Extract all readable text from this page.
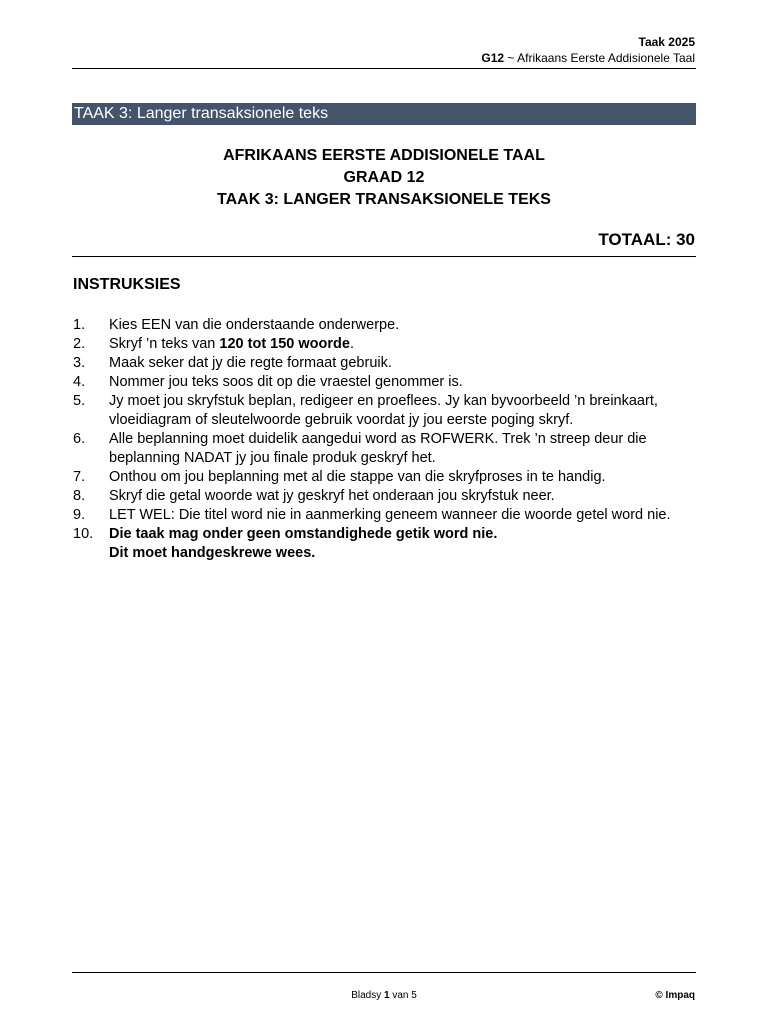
Taak 2025
G12 ~ Afrikaans Eerste Addisionele Taal
TAAK 3: Langer transaksionele teks
AFRIKAANS EERSTE ADDISIONELE TAAL
GRAAD 12
TAAK 3: LANGER TRANSAKSIONELE TEKS
TOTAAL: 30
INSTRUKSIES
1. Kies EEN van die onderstaande onderwerpe.
2. Skryf ’n teks van 120 tot 150 woorde.
3. Maak seker dat jy die regte formaat gebruik.
4. Nommer jou teks soos dit op die vraestel genommer is.
5. Jy moet jou skryfstuk beplan, redigeer en proeflees. Jy kan byvoorbeeld ’n breinkaart,
vloeidiagram of sleutelwoorde gebruik voordat jy jou eerste poging skryf.
6. Alle beplanning moet duidelik aangedui word as ROFWERK. Trek ’n streep deur die
beplanning NADAT jy jou finale produk geskryf het.
7. Onthou om jou beplanning met al die stappe van die skryfproses in te handig.
8. Skryf die getal woorde wat jy geskryf het onderaan jou skryfstuk neer.
9. LET WEL: Die titel word nie in aanmerking geneem wanneer die woorde getel word nie.
10. Die taak mag onder geen omstandighede getik word nie.
Dit moet handgeskrewe wees.
Bladsy 1 van 5	© Impaq
